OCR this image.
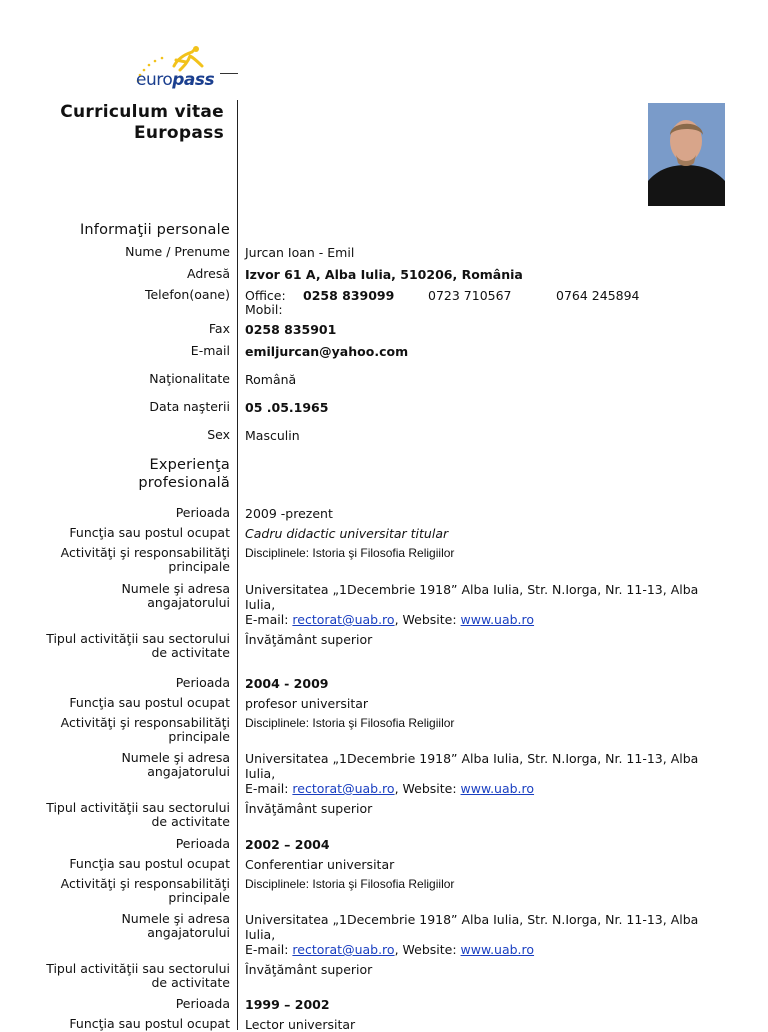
europass
Curriculum vitae
Europass
Informaţii personale
Nume / Prenume Jurcan Ioan - Emil
Adresă Izvor 61 A, Alba Iulia, 510206, România
Telefon(oane) Office: 0258 839099	0723 710567	0764 245894
Mobil:
Fax 0258 835901
E-mail emiljurcan@yahoo.com
Naţionalitate Română
Data naşterii 05 .05.1965
Sex Masculin
Experienţa
profesională
Perioada 2009 -prezent
Funcţia sau postul ocupat Cadru didactic universitar titular
Activităţi şi responsabilităţi
principale
Disciplinele: Istoria şi Filosofia Religiilor
Numele şi adresa
angajatorului
Universitatea „1Decembrie 1918” Alba Iulia, Str. N.Iorga, Nr. 11-13, Alba
Iulia,
E-mail: rectorat@uab.ro, Website: www.uab.ro
Tipul activităţii sau sectorului
de activitate
Învăţământ superior
Perioada 2004 - 2009
Funcţia sau postul ocupat profesor universitar
Activităţi şi responsabilităţi
principale
Disciplinele: Istoria şi Filosofia Religiilor
Numele şi adresa
angajatorului
Universitatea „1Decembrie 1918” Alba Iulia, Str. N.Iorga, Nr. 11-13, Alba
Iulia,
E-mail: rectorat@uab.ro, Website: www.uab.ro
Tipul activităţii sau sectorului
de activitate
Învăţământ superior
Perioada 2002 – 2004
Funcţia sau postul ocupat Conferentiar universitar
Activităţi şi responsabilităţi
principale
Disciplinele: Istoria şi Filosofia Religiilor
Numele şi adresa
angajatorului
Universitatea „1Decembrie 1918” Alba Iulia, Str. N.Iorga, Nr. 11-13, Alba
Iulia,
E-mail: rectorat@uab.ro, Website: www.uab.ro
Tipul activităţii sau sectorului
de activitate
Învăţământ superior
Perioada 1999 – 2002
Funcţia sau postul ocupat Lector universitar
